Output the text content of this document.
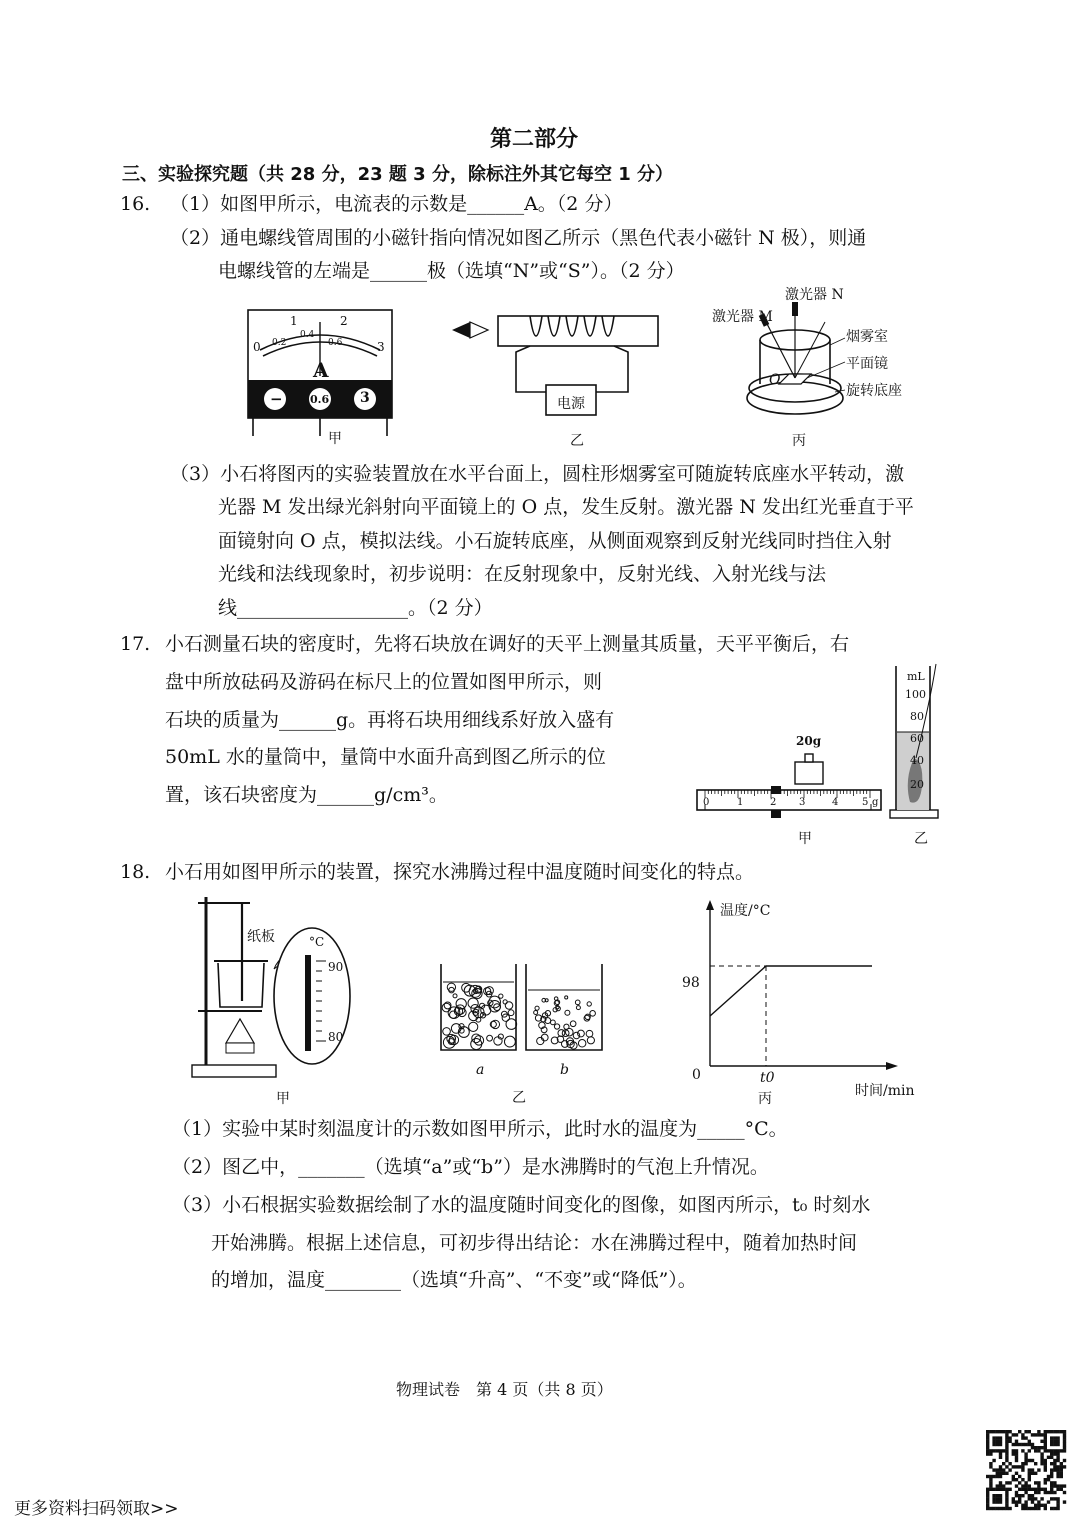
第二部分
三、实验探究题（共 28 分，23 题 3 分，除标注外其它每空 1 分）
16. （1）如图甲所示，电流表的示数是______A。（2 分）
（2）通电螺线管周围的小磁针指向情况如图乙所示（黑色代表小磁针 N 极），则通
电螺线管的左端是______极（选填“N”或“S”）。（2 分）
0
1	2
3
0.2
0.4
0.6
A
− 0.6 3
甲
电源
乙
激光器 N
激光器 M
烟雾室
平面镜
旋转底座
O
丙
（3）小石将图丙的实验装置放在水平台面上，圆柱形烟雾室可随旋转底座水平转动，激
光器 M 发出绿光斜射向平面镜上的 O 点，发生反射。激光器 N 发出红光垂直于平
面镜射向 O 点，模拟法线。小石旋转底座，从侧面观察到反射光线同时挡住入射
光线和法线现象时，初步说明：在反射现象中，反射光线、入射光线与法
线__________________。（2 分）
17. 小石测量石块的密度时，先将石块放在调好的天平上测量其质量，天平平衡后，右
盘中所放砝码及游码在标尺上的位置如图甲所示，则
石块的质量为______g。再将石块用细线系好放入盛有
50mL 水的量筒中，量筒中水面升高到图乙所示的位
置，该石块密度为______g/cm³。
20g
0	1	2 3	4 5 g
甲
mL
100
80
60
40
20
乙
18. 小石用如图甲所示的装置，探究水沸腾过程中温度随时间变化的特点。
纸板	°C
90
80
甲
a	b
乙
温度/°C
98
0	t0
时间/min
丙
（1）实验中某时刻温度计的示数如图甲所示，此时水的温度为_____°C。
（2）图乙中，_______（选填“a”或“b”）是水沸腾时的气泡上升情况。
（3）小石根据实验数据绘制了水的温度随时间变化的图像，如图丙所示，t₀ 时刻水
开始沸腾。根据上述信息，可初步得出结论：水在沸腾过程中，随着加热时间
的增加，温度________（选填“升高”、“不变”或“降低”）。
物理试卷　第 4 页（共 8 页）
更多资料扫码领取>>
